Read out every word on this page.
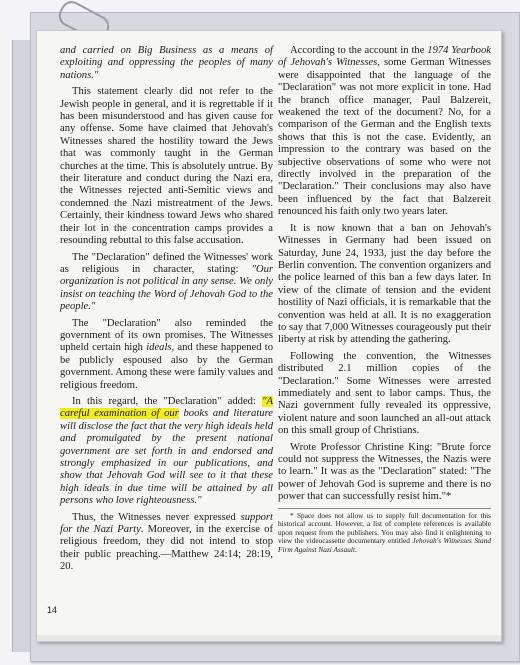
and carried on Big Business as a means of exploiting and oppressing the peoples of many nations."

This statement clearly did not refer to the Jewish people in general, and it is regrettable if it has been misunderstood and has given cause for any offense. Some have claimed that Jehovah's Witnesses shared the hostility toward the Jews that was commonly taught in the German churches at the time. This is absolutely untrue. By their literature and conduct during the Nazi era, the Witnesses rejected anti-Semitic views and condemned the Nazi mistreatment of the Jews. Certainly, their kindness toward Jews who shared their lot in the concentration camps provides a resounding rebuttal to this false accusation.

The "Declaration" defined the Witnesses' work as religious in character, stating: "Our organization is not political in any sense. We only insist on teaching the Word of Jehovah God to the people."

The "Declaration" also reminded the government of its own promises. The Witnesses upheld certain high ideals, and these happened to be publicly espoused also by the German government. Among these were family values and religious freedom.

In this regard, the "Declaration" added: "A careful examination of our books and literature will disclose the fact that the very high ideals held and promulgated by the present national government are set forth in and endorsed and strongly emphasized in our publications, and show that Jehovah God will see to it that these high ideals in due time will be attained by all persons who love righteousness."

Thus, the Witnesses never expressed support for the Nazi Party. Moreover, in the exercise of religious freedom, they did not intend to stop their public preaching.—Matthew 24:14; 28:19, 20.

According to the account in the 1974 Yearbook of Jehovah's Witnesses, some German Witnesses were disappointed that the language of the "Declaration" was not more explicit in tone. Had the branch office manager, Paul Balzereit, weakened the text of the document? No, for a comparison of the German and the English texts shows that this is not the case. Evidently, an impression to the contrary was based on the subjective observations of some who were not directly involved in the preparation of the "Declaration." Their conclusions may also have been influenced by the fact that Balzereit renounced his faith only two years later.

It is now known that a ban on Jehovah's Witnesses in Germany had been issued on Saturday, June 24, 1933, just the day before the Berlin convention. The convention organizers and the police learned of this ban a few days later. In view of the climate of tension and the evident hostility of Nazi officials, it is remarkable that the convention was held at all. It is no exaggeration to say that 7,000 Witnesses courageously put their liberty at risk by attending the gathering.

Following the convention, the Witnesses distributed 2.1 million copies of the "Declaration." Some Witnesses were arrested immediately and sent to labor camps. Thus, the Nazi government fully revealed its oppressive, violent nature and soon launched an all-out attack on this small group of Christians.

Wrote Professor Christine King: "Brute force could not suppress the Witnesses, the Nazis were to learn." It was as the "Declaration" stated: "The power of Jehovah God is supreme and there is no power that can successfully resist him."*

* Space does not allow us to supply full documentation for this historical account. However, a list of complete references is available upon request from the publishers. You may also find it enlightening to view the videocassette documentary entitled Jehovah's Witnesses Stand Firm Against Nazi Assault.

14
